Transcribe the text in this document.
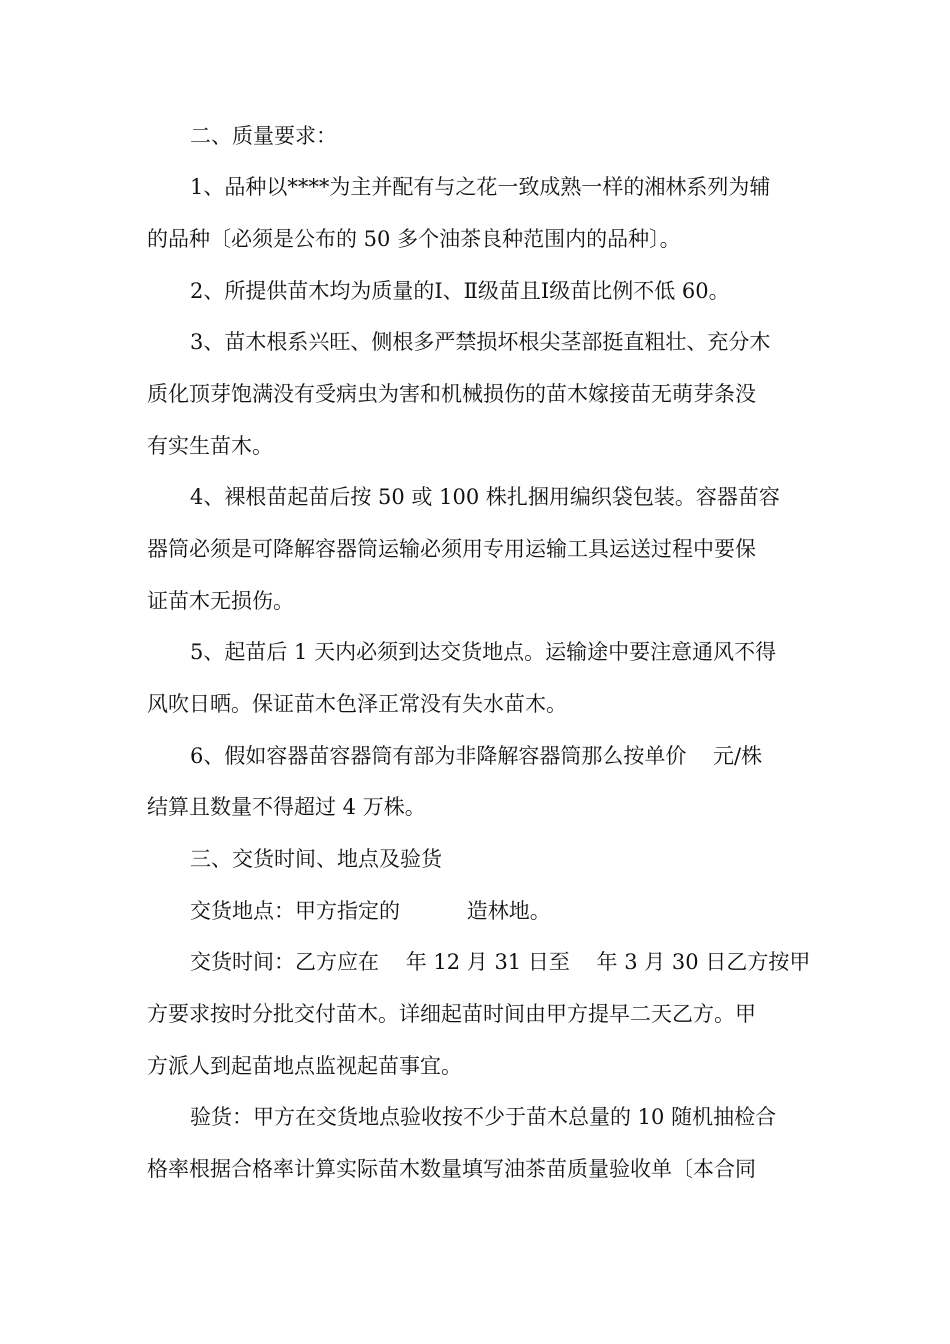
二、质量要求：
1、品种以****为主并配有与之花一致成熟一样的湘林系列为辅
的品种〔必须是公布的 50 多个油茶良种范围内的品种〕。
2、所提供苗木均为质量的Ⅰ、Ⅱ级苗且Ⅰ级苗比例不低 60。
3、苗木根系兴旺、侧根多严禁损坏根尖茎部挺直粗壮、充分木
质化顶芽饱满没有受病虫为害和机械损伤的苗木嫁接苗无萌芽条没
有实生苗木。
4、裸根苗起苗后按 50 或 100 株扎捆用编织袋包装。容器苗容
器筒必须是可降解容器筒运输必须用专用运输工具运送过程中要保
证苗木无损伤。
5、起苗后 1 天内必须到达交货地点。运输途中要注意通风不得
风吹日晒。保证苗木色泽正常没有失水苗木。
6、假如容器苗容器筒有部为非降解容器筒那么按单价    元/株
结算且数量不得超过 4 万株。
三、交货时间、地点及验货
交货地点：甲方指定的          造林地。
交货时间：乙方应在    年 12 月 31 日至    年 3 月 30 日乙方按甲
方要求按时分批交付苗木。详细起苗时间由甲方提早二天乙方。甲
方派人到起苗地点监视起苗事宜。
验货：甲方在交货地点验收按不少于苗木总量的 10 随机抽检合
格率根据合格率计算实际苗木数量填写油茶苗质量验收单〔本合同
